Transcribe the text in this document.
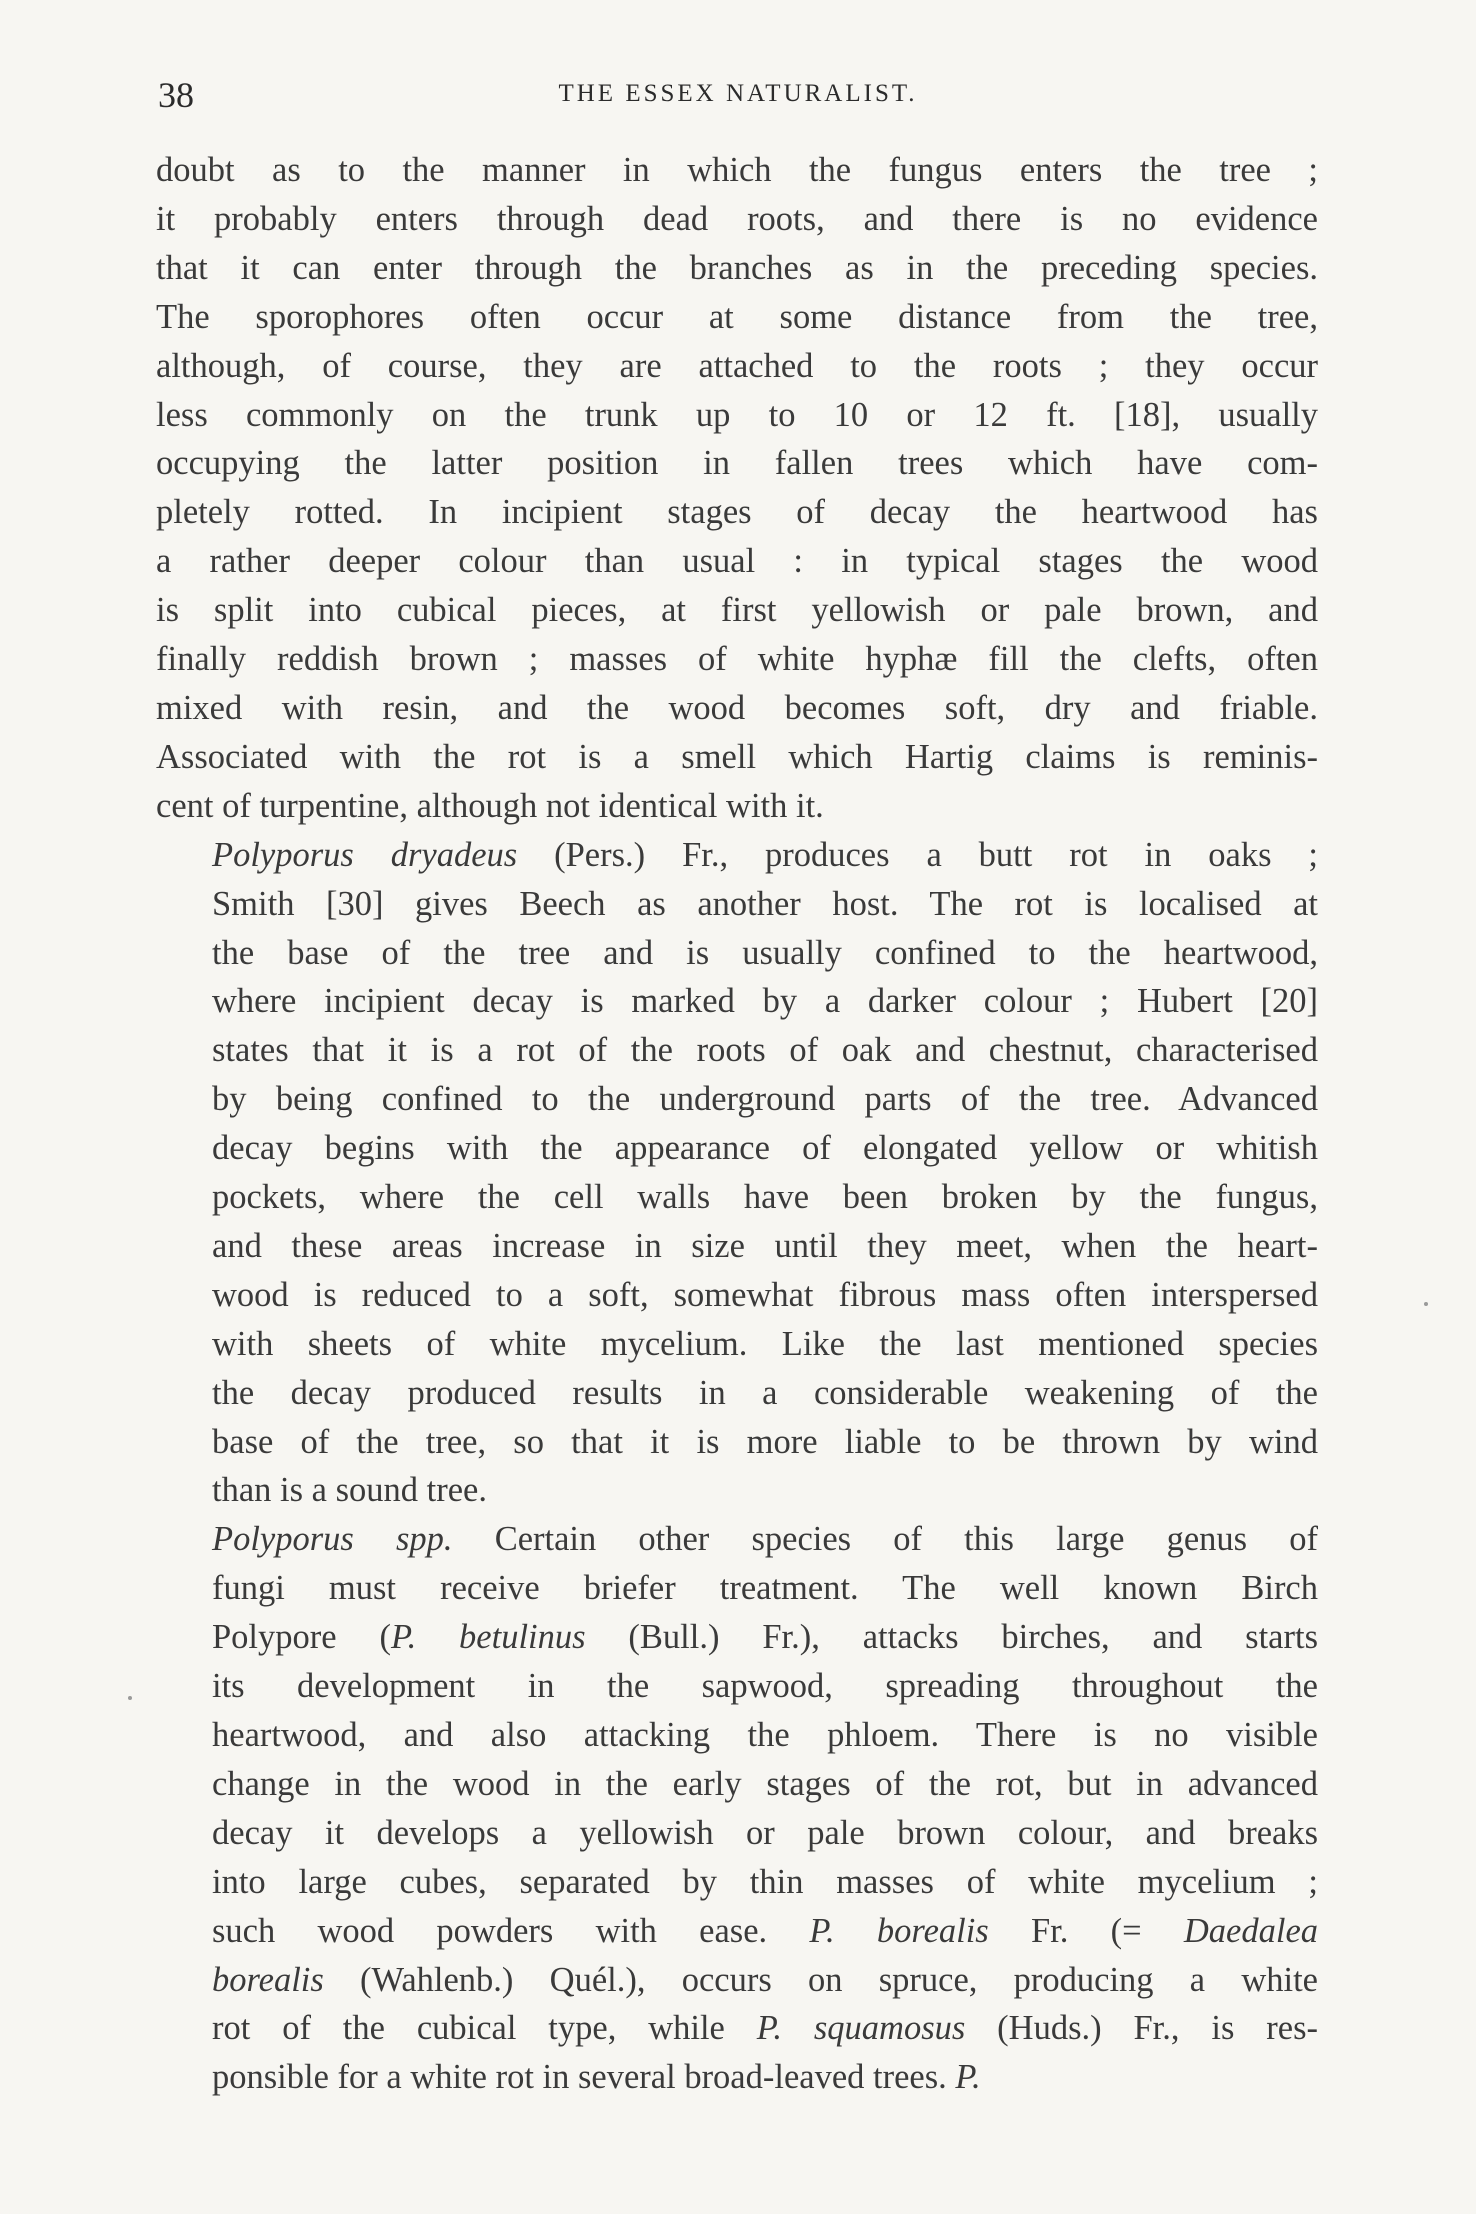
38	THE ESSEX NATURALIST.

doubt as to the manner in which the fungus enters the tree ;
it probably enters through dead roots, and there is no evidence
that it can enter through the branches as in the preceding species.
The sporophores often occur at some distance from the tree,
although, of course, they are attached to the roots ; they occur
less commonly on the trunk up to 10 or 12 ft. [18], usually
occupying the latter position in fallen trees which have com-
pletely rotted. In incipient stages of decay the heartwood has
a rather deeper colour than usual : in typical stages the wood
is split into cubical pieces, at first yellowish or pale brown, and
finally reddish brown ; masses of white hyphæ fill the clefts, often
mixed with resin, and the wood becomes soft, dry and friable.
Associated with the rot is a smell which Hartig claims is reminis-
cent of turpentine, although not identical with it.

Polyporus dryadeus (Pers.) Fr., produces a butt rot in oaks ;
Smith [30] gives Beech as another host. The rot is localised at
the base of the tree and is usually confined to the heartwood,
where incipient decay is marked by a darker colour ; Hubert [20]
states that it is a rot of the roots of oak and chestnut, characterised
by being confined to the underground parts of the tree. Advanced
decay begins with the appearance of elongated yellow or whitish
pockets, where the cell walls have been broken by the fungus,
and these areas increase in size until they meet, when the heart-
wood is reduced to a soft, somewhat fibrous mass often interspersed
with sheets of white mycelium. Like the last mentioned species
the decay produced results in a considerable weakening of the
base of the tree, so that it is more liable to be thrown by wind
than is a sound tree.

Polyporus spp. Certain other species of this large genus of
fungi must receive briefer treatment. The well known Birch
Polypore (P. betulinus (Bull.) Fr.), attacks birches, and starts
its development in the sapwood, spreading throughout the
heartwood, and also attacking the phloem. There is no visible
change in the wood in the early stages of the rot, but in advanced
decay it develops a yellowish or pale brown colour, and breaks
into large cubes, separated by thin masses of white mycelium ;
such wood powders with ease. P. borealis Fr. (= Daedalea
borealis (Wahlenb.) Quél.), occurs on spruce, producing a white
rot of the cubical type, while P. squamosus (Huds.) Fr., is res-
ponsible for a white rot in several broad-leaved trees. P.
